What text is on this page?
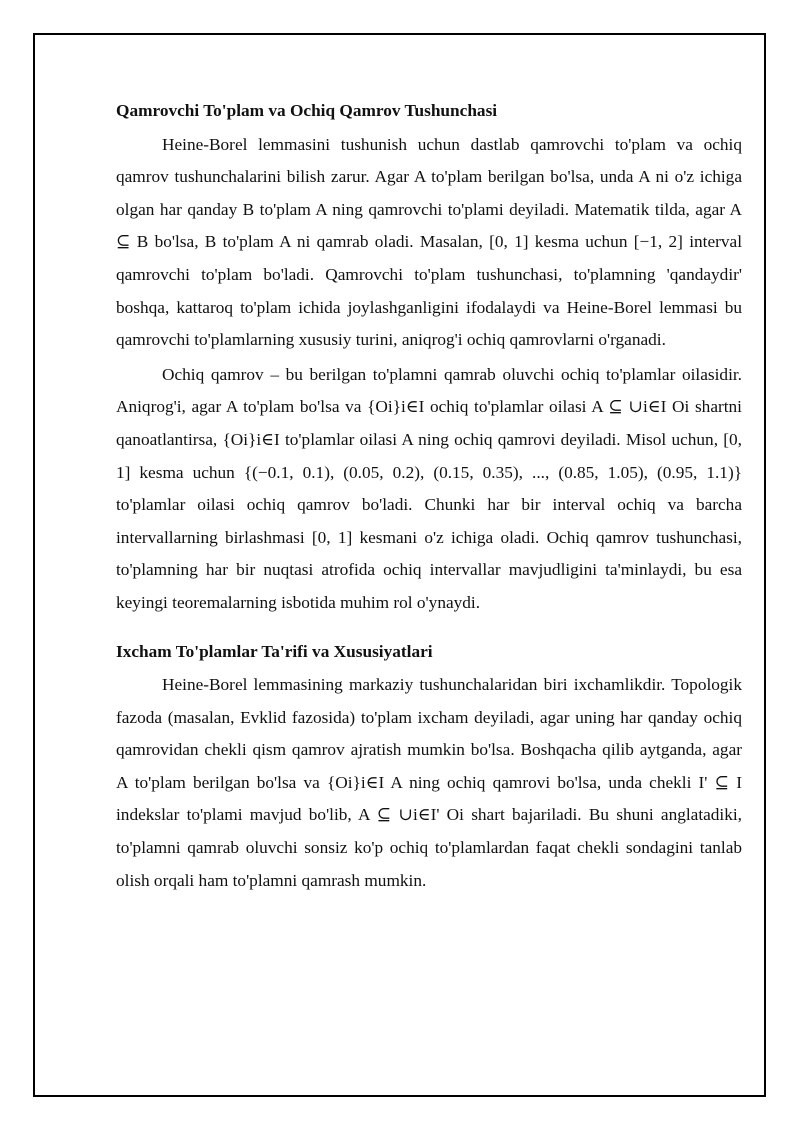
Qamrovchi To'plam va Ochiq Qamrov Tushunchasi

Heine-Borel lemmasini tushunish uchun dastlab qamrovchi to'plam va ochiq qamrov tushunchalarini bilish zarur. Agar A to'plam berilgan bo'lsa, unda A ni o'z ichiga olgan har qanday B to'plam A ning qamrovchi to'plami deyiladi. Matematik tilda, agar A ⊆ B bo'lsa, B to'plam A ni qamrab oladi. Masalan, [0, 1] kesma uchun [−1, 2] interval qamrovchi to'plam bo'ladi. Qamrovchi to'plam tushunchasi, to'plamning 'qandaydir' boshqa, kattaroq to'plam ichida joylashganligini ifodalaydi va Heine-Borel lemmasi bu qamrovchi to'plamlarning xususiy turini, aniqrog'i ochiq qamrovlarni o'rganadi.

Ochiq qamrov – bu berilgan to'plamni qamrab oluvchi ochiq to'plamlar oilasidir. Aniqrog'i, agar A to'plam bo'lsa va {Oi}i∈I ochiq to'plamlar oilasi A ⊆ ∪i∈I Oi shartni qanoatlantirsa, {Oi}i∈I to'plamlar oilasi A ning ochiq qamrovi deyiladi. Misol uchun, [0, 1] kesma uchun {(−0.1, 0.1), (0.05, 0.2), (0.15, 0.35), ..., (0.85, 1.05), (0.95, 1.1)} to'plamlar oilasi ochiq qamrov bo'ladi. Chunki har bir interval ochiq va barcha intervallarning birlashmasi [0, 1] kesmani o'z ichiga oladi. Ochiq qamrov tushunchasi, to'plamning har bir nuqtasi atrofida ochiq intervallar mavjudligini ta'minlaydi, bu esa keyingi teoremalarning isbotida muhim rol o'ynaydi.

Ixcham To'plamlar Ta'rifi va Xususiyatlari

Heine-Borel lemmasining markaziy tushunchalaridan biri ixchamlikdir. Topologik fazoda (masalan, Evklid fazosida) to'plam ixcham deyiladi, agar uning har qanday ochiq qamrovidan chekli qism qamrov ajratish mumkin bo'lsa. Boshqacha qilib aytganda, agar A to'plam berilgan bo'lsa va {Oi}i∈I A ning ochiq qamrovi bo'lsa, unda chekli I' ⊆ I indekslar to'plami mavjud bo'lib, A ⊆ ∪i∈I' Oi shart bajariladi. Bu shuni anglatadiki, to'plamni qamrab oluvchi sonsiz ko'p ochiq to'plamlardan faqat chekli sondagini tanlab olish orqali ham to'plamni qamrash mumkin.
